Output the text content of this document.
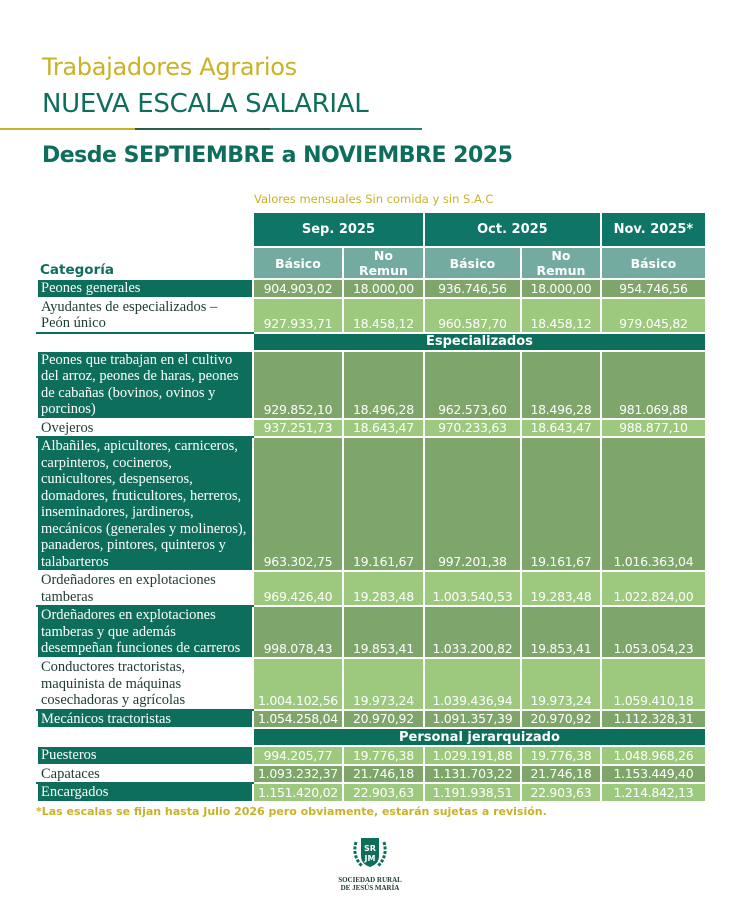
Trabajadores Agrarios
NUEVA ESCALA SALARIAL
Desde SEPTIEMBRE a NOVIEMBRE 2025
Valores mensuales Sin comida y sin S.A.C
	Sep. 2025		Oct. 2025		Nov. 2025*
Categoría	Básico	No Remun	Básico	No Remun	Básico
Peones generales	904.903,02	18.000,00	936.746,56	18.000,00	954.746,56
Ayudantes de especializados – Peón único	927.933,71	18.458,12	960.587,70	18.458,12	979.045,82
	Especializados				
Peones que trabajan en el cultivo del arroz, peones de haras, peones de cabañas (bovinos, ovinos y porcinos)	929.852,10	18.496,28	962.573,60	18.496,28	981.069,88
Ovejeros	937.251,73	18.643,47	970.233,63	18.643,47	988.877,10
Albañiles, apicultores, carniceros, carpinteros, cocineros, cunicultores, despenseros, domadores, fruticultores, herreros, inseminadores, jardineros, mecánicos (generales y molineros), panaderos, pintores, quinteros y talabarteros	963.302,75	19.161,67	997.201,38	19.161,67	1.016.363,04
Ordeñadores en explotaciones tamberas	969.426,40	19.283,48	1.003.540,53	19.283,48	1.022.824,00
Ordeñadores en explotaciones tamberas y que además desempeñan funciones de carreros	998.078,43	19.853,41	1.033.200,82	19.853,41	1.053.054,23
Conductores tractoristas, maquinista de máquinas cosechadoras y agrícolas	1.004.102,56	19.973,24	1.039.436,94	19.973,24	1.059.410,18
Mecánicos tractoristas	1.054.258,04	20.970,92	1.091.357,39	20.970,92	1.112.328,31
	Personal jerarquizado				
Puesteros	994.205,77	19.776,38	1.029.191,88	19.776,38	1.048.968,26
Capataces	1.093.232,37	21.746,18	1.131.703,22	21.746,18	1.153.449,40
Encargados	1.151.420,02	22.903,63	1.191.938,51	22.903,63	1.214.842,13
*Las escalas se fijan hasta Julio 2026 pero obviamente, estarán sujetas a revisión.
SR
JM
SOCIEDAD RURAL
DE JESÚS MARÍA
